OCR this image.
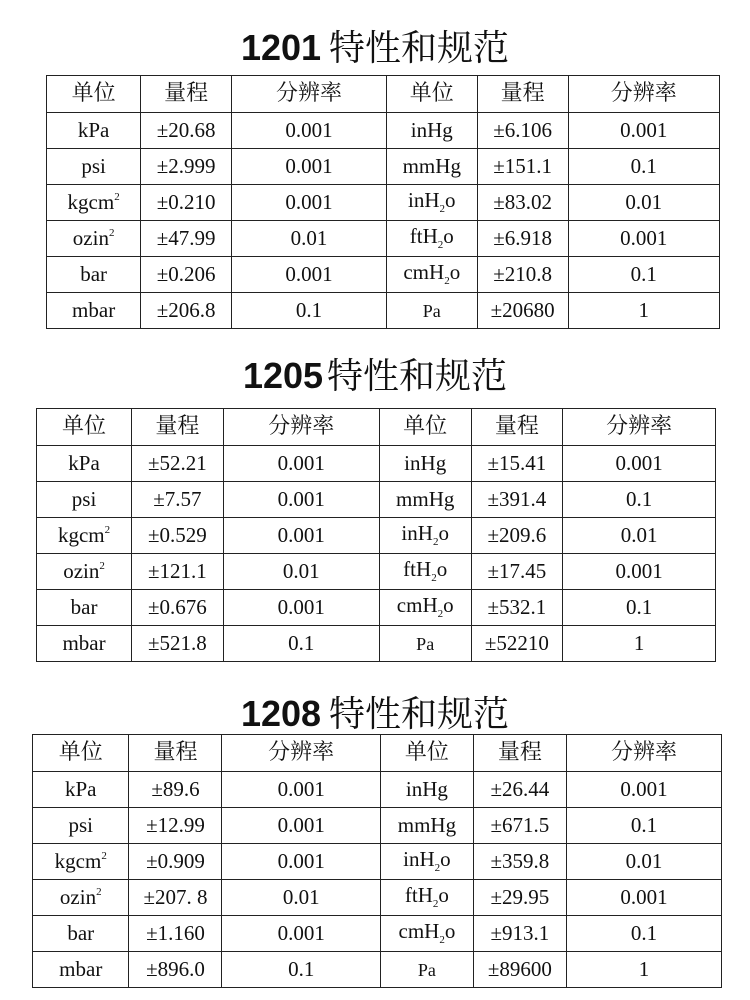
1201 特性和规范
单位	量程	分辨率	单位	量程	分辨率
kPa	±20.68	0.001	inHg	±6.106	0.001
psi	±2.999	0.001	mmHg	±151.1	0.1
kgcm$^2$	±0.210	0.001	inH$_2$o	±83.02	0.01
ozin$^2$	±47.99	0.01	ftH$_2$o	±6.918	0.001
bar	±0.206	0.001	cmH$_2$o	±210.8	0.1
mbar	±206.8	0.1	Pa	±20680	1
1205 特性和规范
单位	量程	分辨率	单位	量程	分辨率
kPa	±52.21	0.001	inHg	±15.41	0.001
psi	±7.57	0.001	mmHg	±391.4	0.1
kgcm$^2$	±0.529	0.001	inH$_2$o	±209.6	0.01
ozin$^2$	±121.1	0.01	ftH$_2$o	±17.45	0.001
bar	±0.676	0.001	cmH$_2$o	±532.1	0.1
mbar	±521.8	0.1	Pa	±52210	1
1208 特性和规范
单位	量程	分辨率	单位	量程	分辨率
kPa	±89.6	0.001	inHg	±26.44	0.001
psi	±12.99	0.001	mmHg	±671.5	0.1
kgcm$^2$	±0.909	0.001	inH$_2$o	±359.8	0.01
ozin$^2$	±207. 8	0.01	ftH$_2$o	±29.95	0.001
bar	±1.160	0.001	cmH$_2$o	±913.1	0.1
mbar	±896.0	0.1	Pa	±89600	1
